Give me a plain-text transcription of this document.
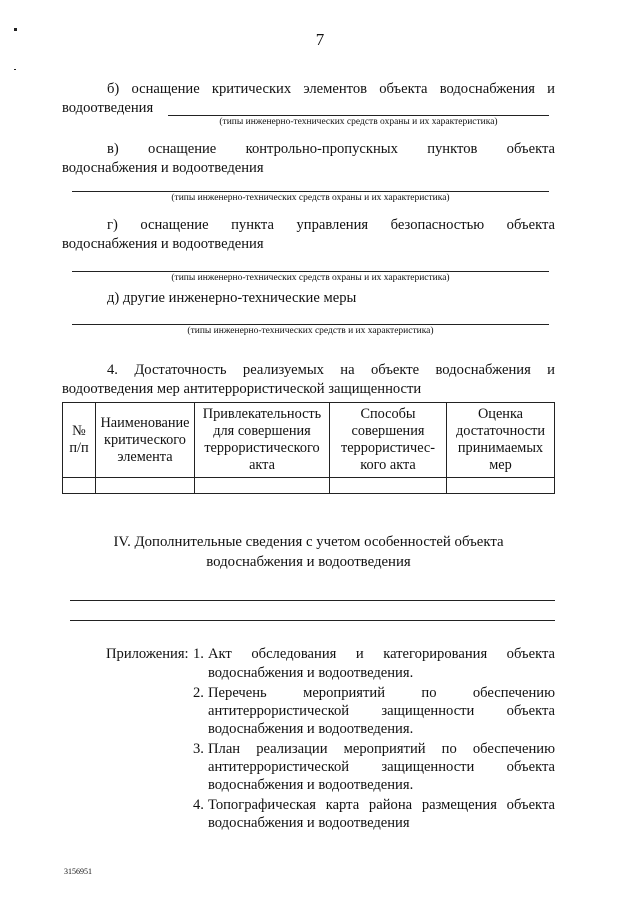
7
б) оснащение критических элементов объекта водоснабжения и
водоотведения
(типы инженерно-технических средств охраны и их характеристика)
в) оснащение контрольно-пропускных пунктов объекта
водоснабжения и водоотведения
(типы инженерно-технических средств охраны и их характеристика)
г) оснащение пункта управления безопасностью объекта
водоснабжения и водоотведения
(типы инженерно-технических средств охраны и их характеристика)
д) другие инженерно-технические меры
(типы инженерно-технических средств и их характеристика)
4. Достаточность реализуемых на объекте водоснабжения и
водоотведения мер антитеррористической защищенности
№
п/п	Наименование
критического
элемента	Привлекательность
для совершения
террористического
акта	Способы
совершения
террористичес-
кого акта	Оценка
достаточности
принимаемых
мер

IV. Дополнительные сведения с учетом особенностей объекта
водоснабжения и водоотведения
Приложения: 1. Акт обследования и категорирования объекта
водоснабжения и водоотведения.
2. Перечень мероприятий по обеспечению
антитеррористической защищенности объекта
водоснабжения и водоотведения.
3. План реализации мероприятий по обеспечению
антитеррористической защищенности объекта
водоснабжения и водоотведения.
4. Топографическая карта района размещения объекта
водоснабжения и водоотведения
3156951
